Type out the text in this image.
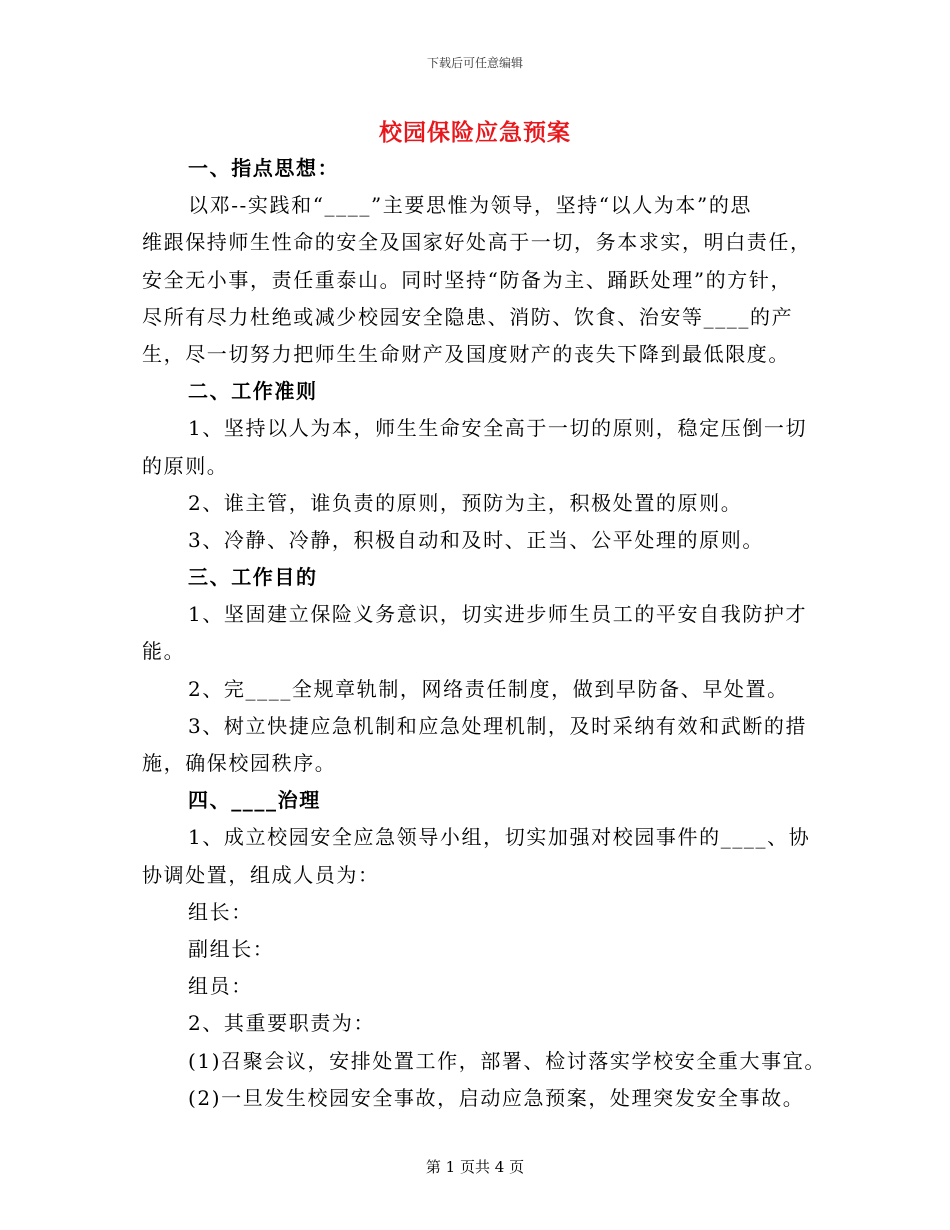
下载后可任意编辑
校园保险应急预案
一、指点思想：
以邓--实践和“____”主要思惟为领导，坚持“以人为本”的思
维跟保持师生性命的安全及国家好处高于一切，务本求实，明白责任，
安全无小事，责任重泰山。同时坚持“防备为主、踊跃处理”的方针，
尽所有尽力杜绝或减少校园安全隐患、消防、饮食、治安等____的产
生，尽一切努力把师生生命财产及国度财产的丧失下降到最低限度。
二、工作准则
1、坚持以人为本，师生生命安全高于一切的原则，稳定压倒一切
的原则。
2、谁主管，谁负责的原则，预防为主，积极处置的原则。
3、冷静、冷静，积极自动和及时、正当、公平处理的原则。
三、工作目的
1、坚固建立保险义务意识，切实进步师生员工的平安自我防护才
能。
2、完____全规章轨制，网络责任制度，做到早防备、早处置。
3、树立快捷应急机制和应急处理机制，及时采纳有效和武断的措
施，确保校园秩序。
四、____治理
1、成立校园安全应急领导小组，切实加强对校园事件的____、协
协调处置，组成人员为：
组长：
副组长：
组员：
2、其重要职责为：
(1)召聚会议，安排处置工作，部署、检讨落实学校安全重大事宜。
(2)一旦发生校园安全事故，启动应急预案，处理突发安全事故。
第 1 页共 4 页
